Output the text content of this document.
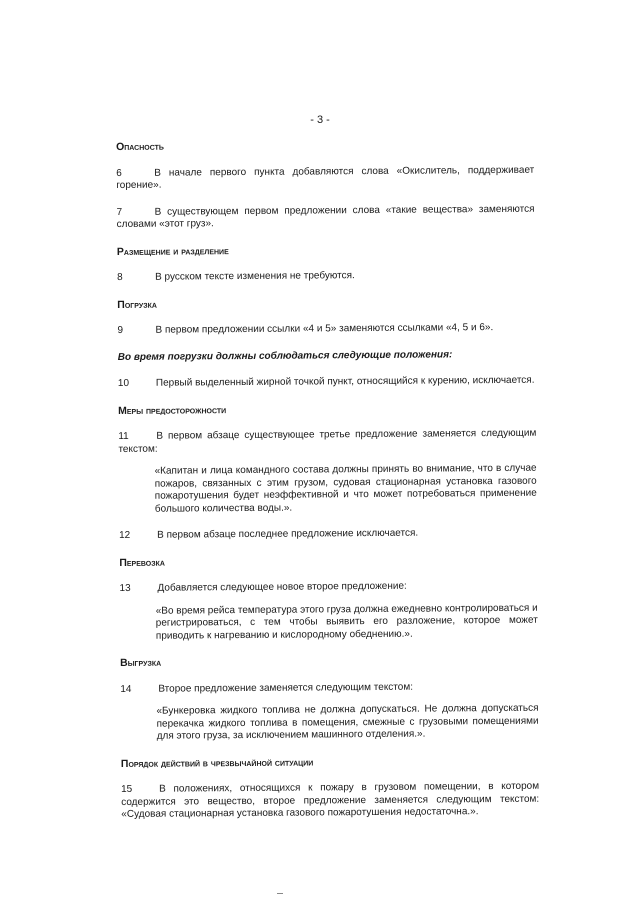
- 3 -
Опасность
6	В начале первого пункта добавляются слова «Окислитель, поддерживает горение».
7	В существующем первом предложении слова «такие вещества» заменяются словами «этот груз».
Размещение и разделение
8	В русском тексте изменения не требуются.
Погрузка
9	В первом предложении ссылки «4 и 5» заменяются ссылками «4, 5 и 6».
Во время погрузки должны соблюдаться следующие положения:
10	Первый выделенный жирной точкой пункт, относящийся к курению, исключается.
Меры предосторожности
11	В первом абзаце существующее третье предложение заменяется следующим текстом:
«Капитан и лица командного состава должны принять во внимание, что в случае пожаров, связанных с этим грузом, судовая стационарная установка газового пожаротушения будет неэффективной и что может потребоваться применение большого количества воды.».
12	В первом абзаце последнее предложение исключается.
Перевозка
13	Добавляется следующее новое второе предложение:
«Во время рейса температура этого груза должна ежедневно контролироваться и регистрироваться, с тем чтобы выявить его разложение, которое может приводить к нагреванию и кислородному обеднению.».
Выгрузка
14	Второе предложение заменяется следующим текстом:
«Бункеровка жидкого топлива не должна допускаться. Не должна допускаться перекачка жидкого топлива в помещения, смежные с грузовыми помещениями для этого груза, за исключением машинного отделения.».
Порядок действий в чрезвычайной ситуации
15	В положениях, относящихся к пожару в грузовом помещении, в котором содержится это вещество, второе предложение заменяется следующим текстом: «Судовая стационарная установка газового пожаротушения недостаточна.».
